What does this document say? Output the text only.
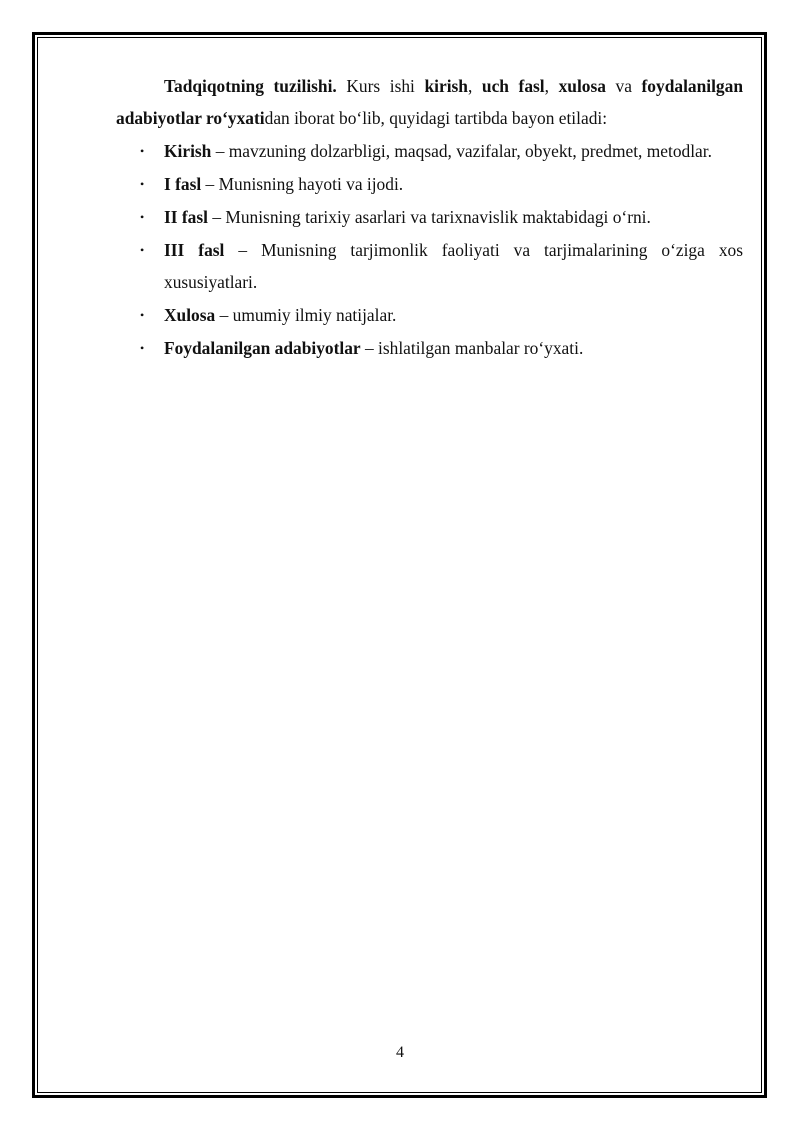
Tadqiqotning tuzilishi. Kurs ishi kirish, uch fasl, xulosa va foydalanilgan adabiyotlar ro‘yxatidan iborat bo‘lib, quyidagi tartibda bayon etiladi:

• Kirish – mavzuning dolzarbligi, maqsad, vazifalar, obyekt, predmet, metodlar.
• I fasl – Munisning hayoti va ijodi.
• II fasl – Munisning tarixiy asarlari va tarixnavislik maktabidagi o‘rni.
• III fasl – Munisning tarjimonlik faoliyati va tarjimalarining o‘ziga xos xususiyatlari.
• Xulosa – umumiy ilmiy natijalar.
• Foydalanilgan adabiyotlar – ishlatilgan manbalar ro‘yxati.
4
